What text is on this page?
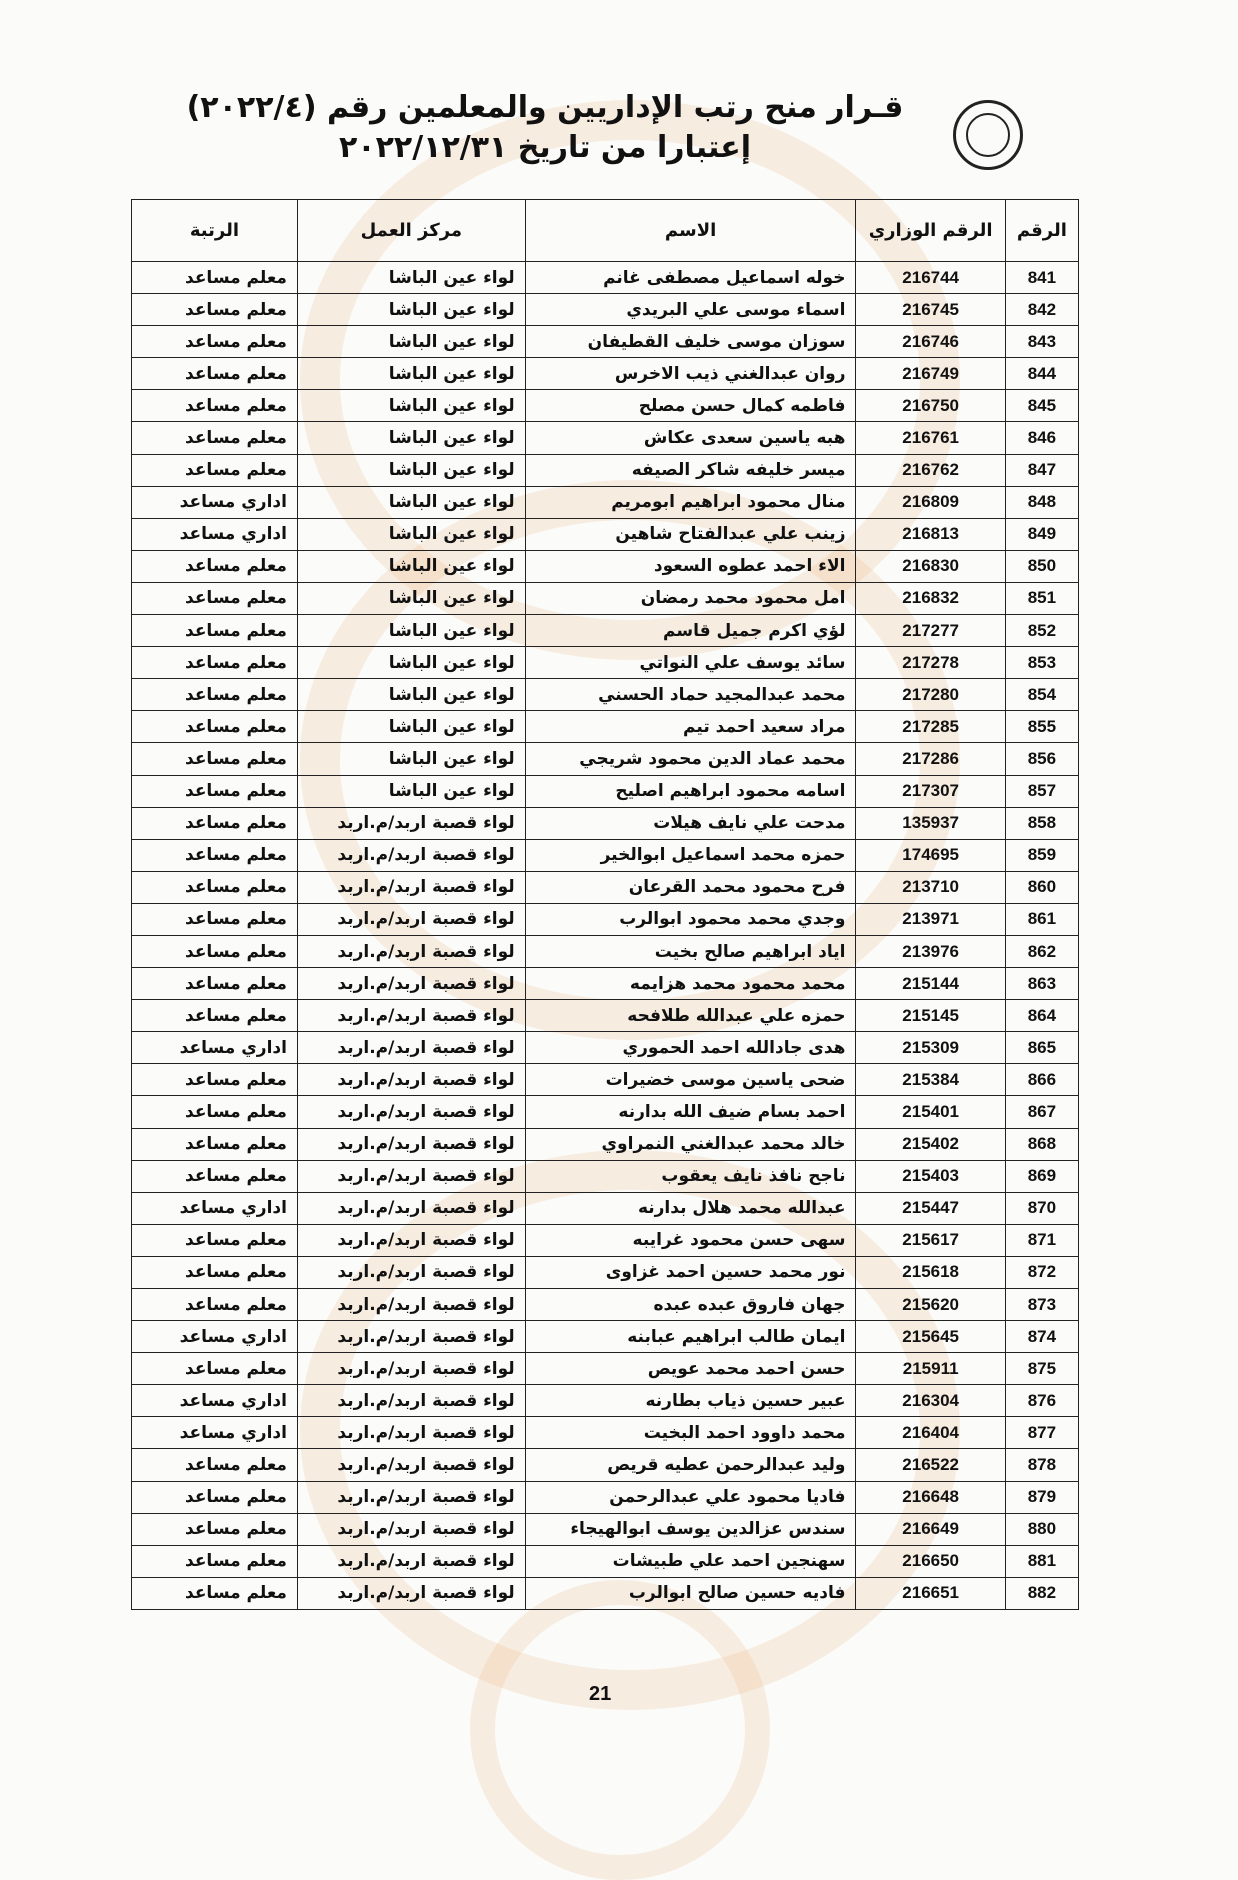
قـرار منح رتب الإداريين والمعلمين رقم (٢٠٢٢/٤) إعتبارا من تاريخ ٢٠٢٢/١٢/٣١
الرقم	الرقم الوزاري	الاسم	مركز العمل	الرتبة
841	216744	خوله اسماعيل مصطفى غانم	لواء عين الباشا	معلم مساعد
842	216745	اسماء موسى علي البريدي	لواء عين الباشا	معلم مساعد
843	216746	سوزان موسى خليف القطيفان	لواء عين الباشا	معلم مساعد
844	216749	روان عبدالغني ذيب الاخرس	لواء عين الباشا	معلم مساعد
845	216750	فاطمه كمال حسن مصلح	لواء عين الباشا	معلم مساعد
846	216761	هبه ياسين سعدى عكاش	لواء عين الباشا	معلم مساعد
847	216762	ميسر خليفه شاكر الصيفه	لواء عين الباشا	معلم مساعد
848	216809	منال محمود ابراهيم ابومريم	لواء عين الباشا	اداري مساعد
849	216813	زينب علي عبدالفتاح شاهين	لواء عين الباشا	اداري مساعد
850	216830	الاء احمد عطوه السعود	لواء عين الباشا	معلم مساعد
851	216832	امل محمود محمد رمضان	لواء عين الباشا	معلم مساعد
852	217277	لؤي اكرم جميل قاسم	لواء عين الباشا	معلم مساعد
853	217278	سائد يوسف علي النواتي	لواء عين الباشا	معلم مساعد
854	217280	محمد عبدالمجيد حماد الحسني	لواء عين الباشا	معلم مساعد
855	217285	مراد سعيد احمد تيم	لواء عين الباشا	معلم مساعد
856	217286	محمد عماد الدين محمود شريجي	لواء عين الباشا	معلم مساعد
857	217307	اسامه محمود ابراهيم اصليح	لواء عين الباشا	معلم مساعد
858	135937	مدحت علي نايف هيلات	لواء قصبة اربد/م.اربد	معلم مساعد
859	174695	حمزه محمد اسماعيل ابوالخير	لواء قصبة اربد/م.اربد	معلم مساعد
860	213710	فرح محمود محمد القرعان	لواء قصبة اربد/م.اربد	معلم مساعد
861	213971	وجدي محمد محمود ابوالرب	لواء قصبة اربد/م.اربد	معلم مساعد
862	213976	اياد ابراهيم صالح بخيت	لواء قصبة اربد/م.اربد	معلم مساعد
863	215144	محمد محمود محمد هزايمه	لواء قصبة اربد/م.اربد	معلم مساعد
864	215145	حمزه علي عبدالله طلافحه	لواء قصبة اربد/م.اربد	معلم مساعد
865	215309	هدى جادالله احمد الحموري	لواء قصبة اربد/م.اربد	اداري مساعد
866	215384	ضحى ياسين موسى خضيرات	لواء قصبة اربد/م.اربد	معلم مساعد
867	215401	احمد بسام ضيف الله بدارنه	لواء قصبة اربد/م.اربد	معلم مساعد
868	215402	خالد محمد عبدالغني النمراوي	لواء قصبة اربد/م.اربد	معلم مساعد
869	215403	ناجح نافذ نايف يعقوب	لواء قصبة اربد/م.اربد	معلم مساعد
870	215447	عبدالله محمد هلال بدارنه	لواء قصبة اربد/م.اربد	اداري مساعد
871	215617	سهى حسن محمود غرايبه	لواء قصبة اربد/م.اربد	معلم مساعد
872	215618	نور محمد حسين احمد غزاوى	لواء قصبة اربد/م.اربد	معلم مساعد
873	215620	جهان فاروق عبده عبده	لواء قصبة اربد/م.اربد	معلم مساعد
874	215645	ايمان طالب ابراهيم عبابنه	لواء قصبة اربد/م.اربد	اداري مساعد
875	215911	حسن احمد محمد عويص	لواء قصبة اربد/م.اربد	معلم مساعد
876	216304	عبير حسين ذياب بطارنه	لواء قصبة اربد/م.اربد	اداري مساعد
877	216404	محمد داوود احمد البخيت	لواء قصبة اربد/م.اربد	اداري مساعد
878	216522	وليد عبدالرحمن عطيه قريص	لواء قصبة اربد/م.اربد	معلم مساعد
879	216648	فاديا محمود علي عبدالرحمن	لواء قصبة اربد/م.اربد	معلم مساعد
880	216649	سندس عزالدين يوسف ابوالهيجاء	لواء قصبة اربد/م.اربد	معلم مساعد
881	216650	سهنجين احمد علي طبيشات	لواء قصبة اربد/م.اربد	معلم مساعد
882	216651	فاديه حسين صالح ابوالرب	لواء قصبة اربد/م.اربد	معلم مساعد
21
